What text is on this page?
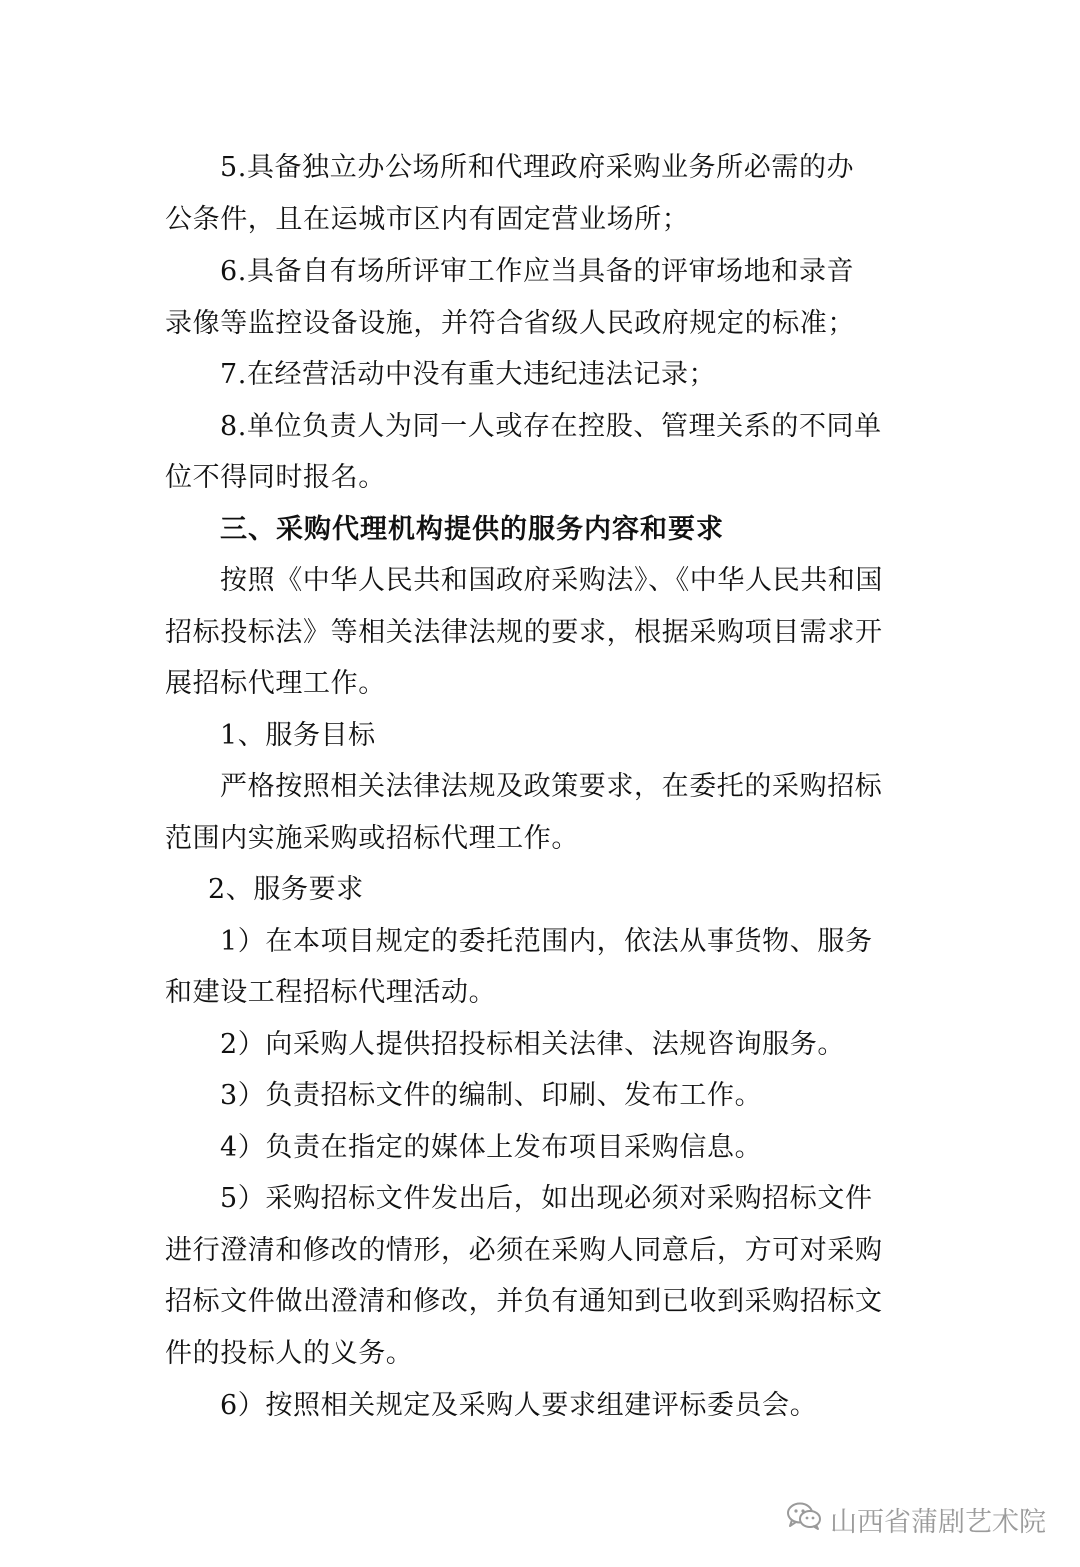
5.具备独立办公场所和代理政府采购业务所必需的办
公条件，且在运城市区内有固定营业场所；
6.具备自有场所评审工作应当具备的评审场地和录音
录像等监控设备设施，并符合省级人民政府规定的标准；
7.在经营活动中没有重大违纪违法记录；
8.单位负责人为同一人或存在控股、管理关系的不同单
位不得同时报名。
三、采购代理机构提供的服务内容和要求
按照《中华人民共和国政府采购法》、《中华人民共和国
招标投标法》等相关法律法规的要求，根据采购项目需求开
展招标代理工作。
1、服务目标
严格按照相关法律法规及政策要求，在委托的采购招标
范围内实施采购或招标代理工作。
2、服务要求
1）在本项目规定的委托范围内，依法从事货物、服务
和建设工程招标代理活动。
2）向采购人提供招投标相关法律、法规咨询服务。
3）负责招标文件的编制、印刷、发布工作。
4）负责在指定的媒体上发布项目采购信息。
5）采购招标文件发出后，如出现必须对采购招标文件
进行澄清和修改的情形，必须在采购人同意后，方可对采购
招标文件做出澄清和修改，并负有通知到已收到采购招标文
件的投标人的义务。
6）按照相关规定及采购人要求组建评标委员会。
山西省蒲剧艺术院
